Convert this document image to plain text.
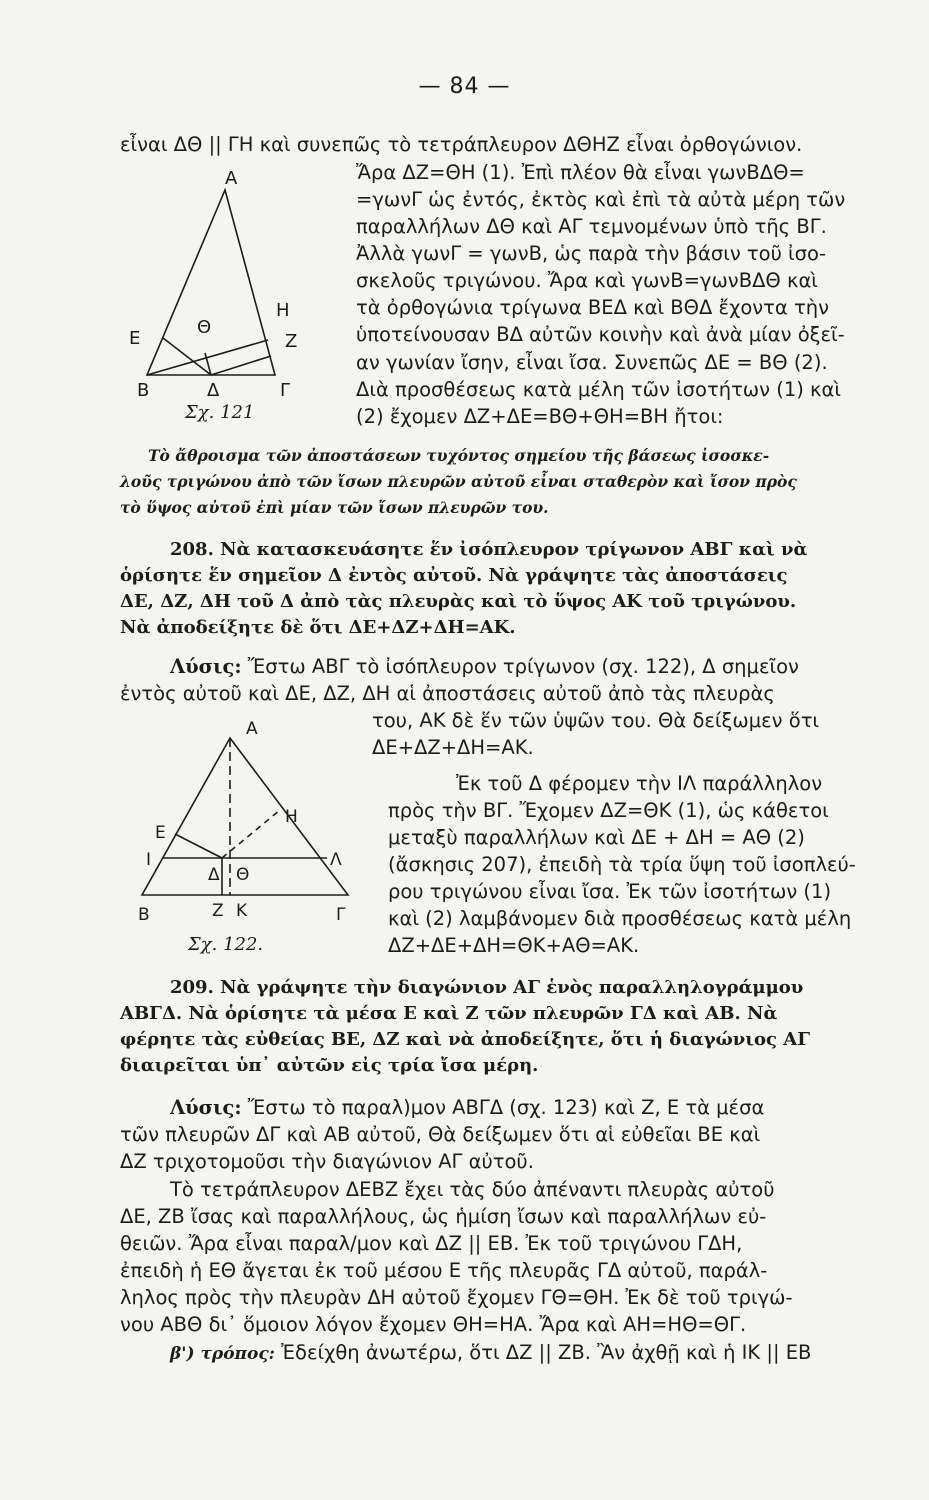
— 84 —
εἶναι ΔΘ || ΓΗ καὶ συνεπῶς τὸ τετράπλευρον ΔΘΗΖ εἶναι ὀρθογώνιον.
Ἄρα ΔΖ=ΘΗ (1). Ἐπὶ πλέον θὰ εἶναι γωνΒΔΘ=
=γωνΓ ὡς ἐντός, ἐκτὸς καὶ ἐπὶ τὰ αὐτὰ μέρη τῶν
παραλλήλων ΔΘ καὶ ΑΓ τεμνομένων ὑπὸ τῆς ΒΓ.
Ἀλλὰ γωνΓ = γωνΒ, ὡς παρὰ τὴν βάσιν τοῦ ἰσο-
σκελοῦς τριγώνου. Ἄρα καὶ γωνΒ=γωνΒΔΘ καὶ
τὰ ὀρθογώνια τρίγωνα ΒΕΔ καὶ ΒΘΔ ἔχοντα τὴν
ὑποτείνουσαν ΒΔ αὐτῶν κοινὴν καὶ ἀνὰ μίαν ὀξεῖ-
αν γωνίαν ἴσην, εἶναι ἴσα. Συνεπῶς ΔΕ = ΒΘ (2).
Διὰ προσθέσεως κατὰ μέλη τῶν ἰσοτήτων (1) καὶ
(2) ἔχομεν ΔΖ+ΔΕ=ΒΘ+ΘΗ=ΒΗ ἤτοι:
Α
Ε
Θ
Η
Ζ
Β	Δ	Γ
Σχ. 121
Τὸ ἄθροισμα τῶν ἀποστάσεων τυχόντος σημείου τῆς βάσεως ἰσοσκε-
λοῦς τριγώνου ἀπὸ τῶν ἴσων πλευρῶν αὐτοῦ εἶναι σταθερὸν καὶ ἴσον πρὸς
τὸ ὕψος αὐτοῦ ἐπὶ μίαν τῶν ἴσων πλευρῶν του.
208. Νὰ κατασκευάσητε ἕν ἰσόπλευρον τρίγωνον ΑΒΓ καὶ νὰ
ὁρίσητε ἕν σημεῖον Δ ἐντὸς αὐτοῦ. Νὰ γράψητε τὰς ἀποστάσεις
ΔΕ, ΔΖ, ΔΗ τοῦ Δ ἀπὸ τὰς πλευρὰς καὶ τὸ ὕψος ΑΚ τοῦ τριγώνου.
Νὰ ἀποδείξητε δὲ ὅτι ΔΕ+ΔΖ+ΔΗ=ΑΚ.
Λύσις: Ἔστω ΑΒΓ τὸ ἰσόπλευρον τρίγωνον (σχ. 122), Δ σημεῖον
ἐντὸς αὐτοῦ καὶ ΔΕ, ΔΖ, ΔΗ αἱ ἀποστάσεις αὐτοῦ ἀπὸ τὰς πλευρὰς
του, ΑΚ δὲ ἕν τῶν ὑψῶν του. Θὰ δείξωμεν ὅτι
ΔΕ+ΔΖ+ΔΗ=ΑΚ.
Ἐκ τοῦ Δ φέρομεν τὴν ΙΛ παράλληλον
πρὸς τὴν ΒΓ. Ἔχομεν ΔΖ=ΘΚ (1), ὡς κάθετοι
μεταξὺ παραλλήλων καὶ ΔΕ + ΔΗ = ΑΘ (2)
(ἄσκησις 207), ἐπειδὴ τὰ τρία ὕψη τοῦ ἰσοπλεύ-
ρου τριγώνου εἶναι ἴσα. Ἐκ τῶν ἰσοτήτων (1)
καὶ (2) λαμβάνομεν διὰ προσθέσεως κατὰ μέλη
ΔΖ+ΔΕ+ΔΗ=ΘΚ+ΑΘ=ΑΚ.
Α
Η
Ε
Ι	Λ
Δ Θ
Β	Ζ Κ	Γ
Σχ. 122.
209. Νὰ γράψητε τὴν διαγώνιον ΑΓ ἑνὸς παραλληλογράμμου
ΑΒΓΔ. Νὰ ὁρίσητε τὰ μέσα Ε καὶ Ζ τῶν πλευρῶν ΓΔ καὶ ΑΒ. Νὰ
φέρητε τὰς εὐθείας ΒΕ, ΔΖ καὶ νὰ ἀποδείξητε, ὅτι ἡ διαγώνιος ΑΓ
διαιρεῖται ὑπ᾽ αὐτῶν εἰς τρία ἴσα μέρη.
Λύσις: Ἔστω τὸ παραλ)μον ΑΒΓΔ (σχ. 123) καὶ Ζ, Ε τὰ μέσα
τῶν πλευρῶν ΔΓ καὶ ΑΒ αὐτοῦ, Θὰ δείξωμεν ὅτι αἱ εὐθεῖαι ΒΕ καὶ
ΔΖ τριχοτομοῦσι τὴν διαγώνιον ΑΓ αὐτοῦ.
Τὸ τετράπλευρον ΔΕΒΖ ἔχει τὰς δύο ἀπέναντι πλευρὰς αὐτοῦ
ΔΕ, ΖΒ ἴσας καὶ παραλλήλους, ὡς ἡμίση ἴσων καὶ παραλλήλων εὐ-
θειῶν. Ἄρα εἶναι παραλ/μον καὶ ΔΖ || ΕΒ. Ἐκ τοῦ τριγώνου ΓΔΗ,
ἐπειδὴ ἡ ΕΘ ἄγεται ἐκ τοῦ μέσου Ε τῆς πλευρᾶς ΓΔ αὐτοῦ, παράλ-
ληλος πρὸς τὴν πλευρὰν ΔΗ αὐτοῦ ἔχομεν ΓΘ=ΘΗ. Ἐκ δὲ τοῦ τριγώ-
νου ΑΒΘ δι᾽ ὅμοιον λόγον ἔχομεν ΘΗ=ΗΑ. Ἄρα καὶ ΑΗ=ΗΘ=ΘΓ.
β') τρόπος: Ἐδείχθη ἀνωτέρω, ὅτι ΔΖ || ΖΒ. Ἂν ἀχθῇ καὶ ἡ ΙΚ || ΕΒ
